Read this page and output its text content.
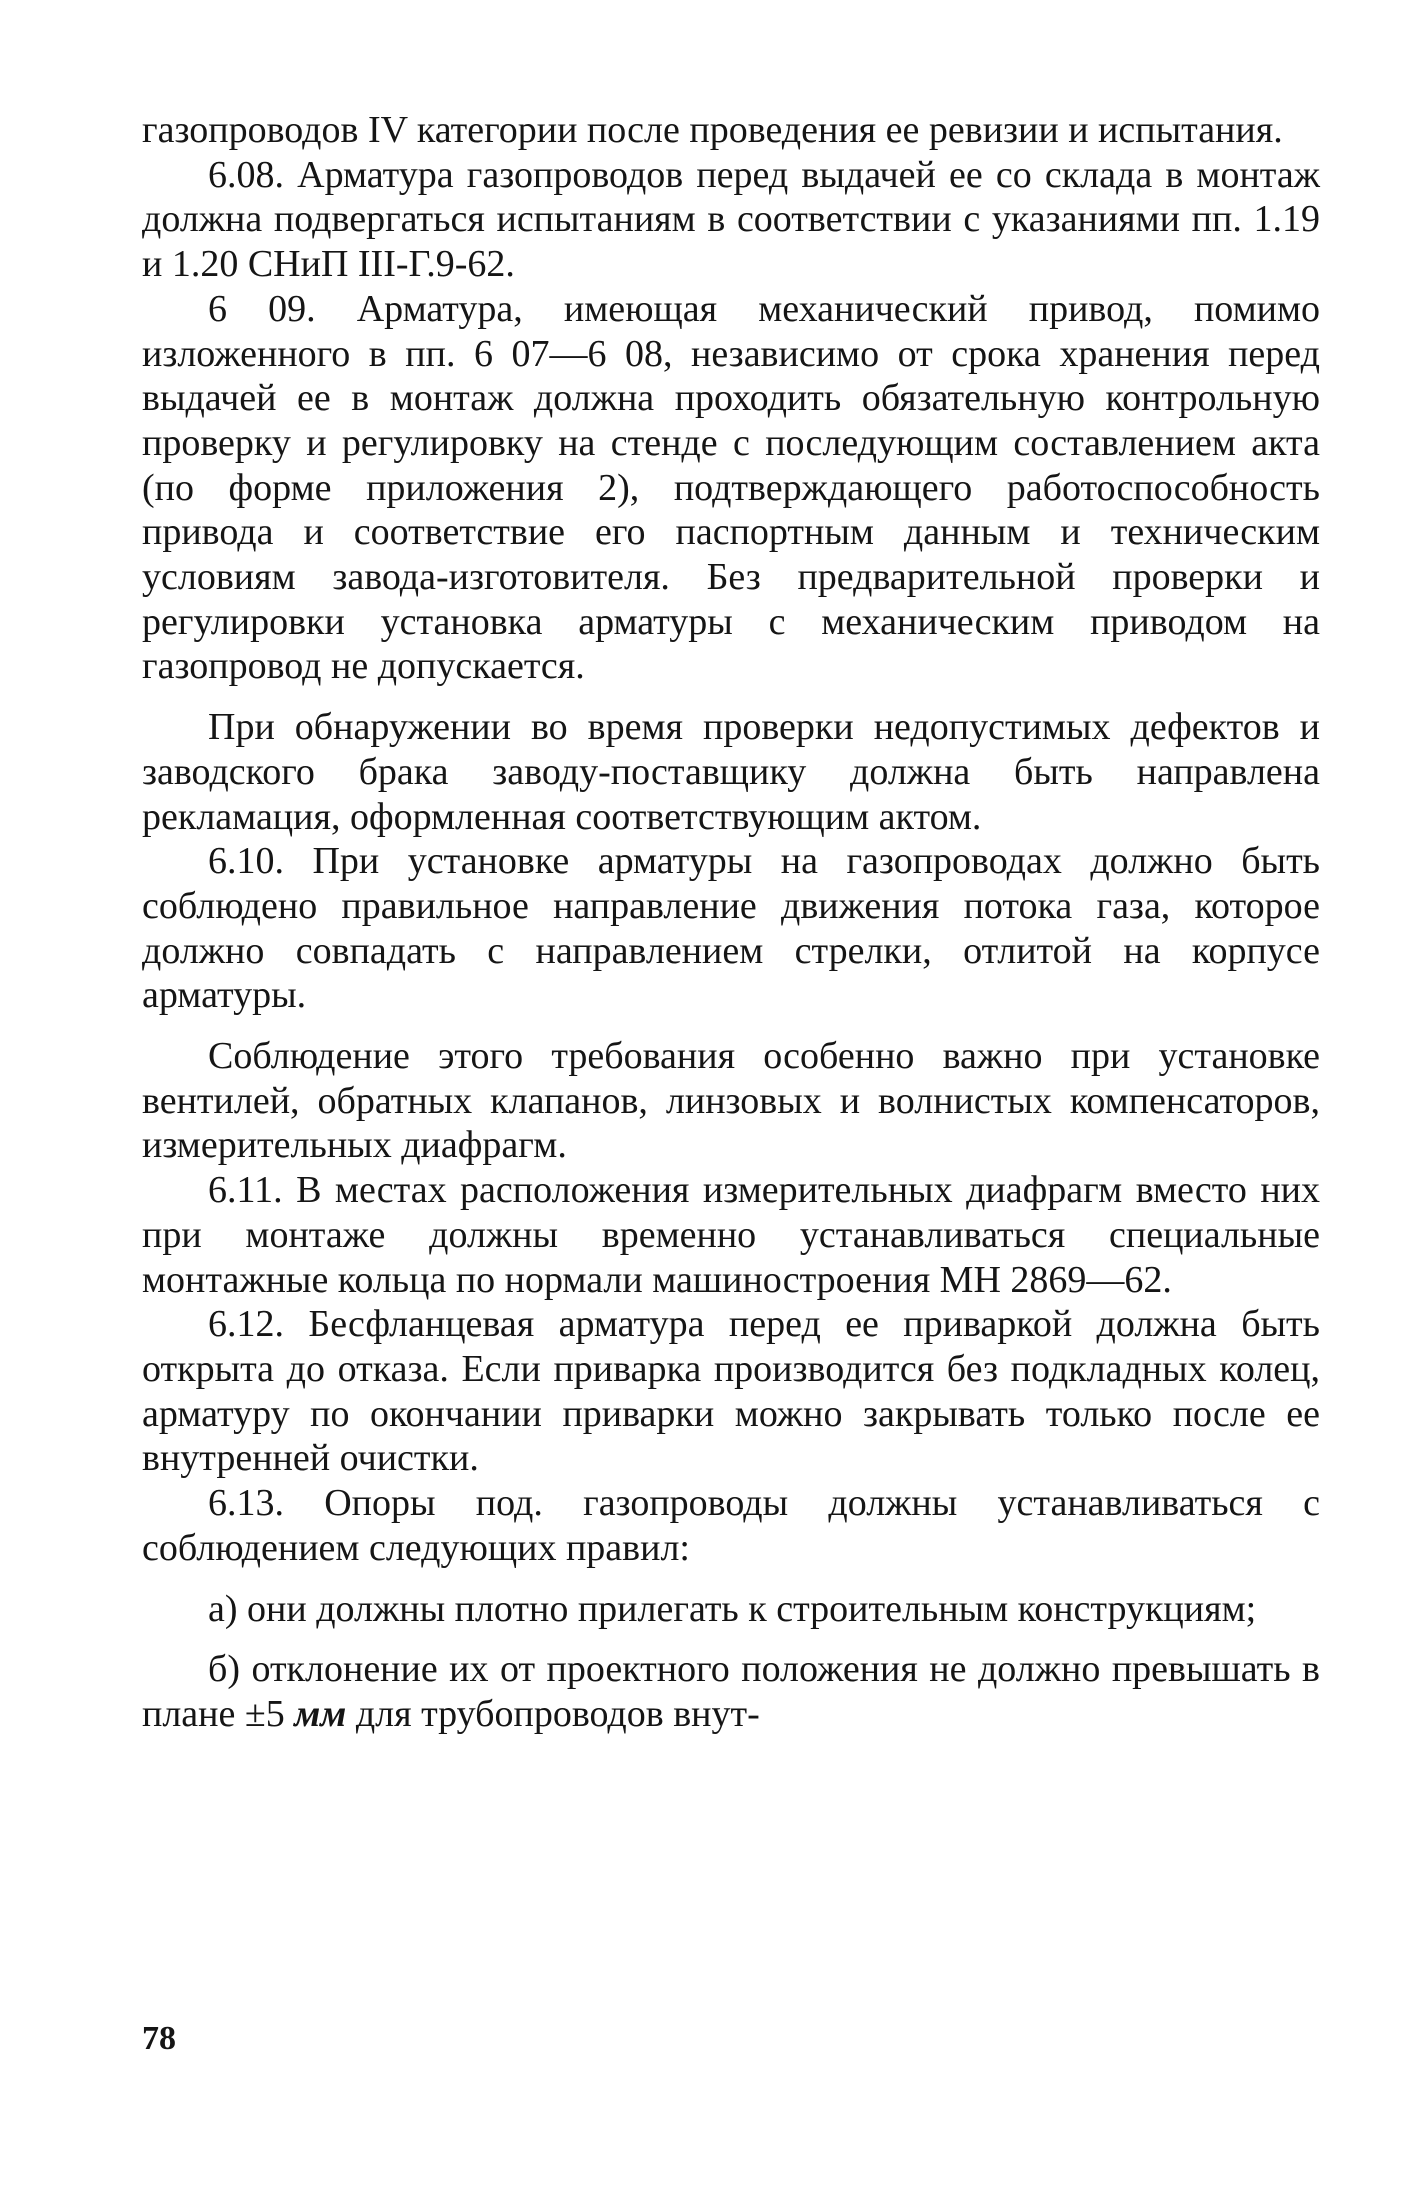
газопроводов IV категории после проведения ее ревизии и испытания.

6.08. Арматура газопроводов перед выдачей ее со склада в монтаж должна подвергаться испытаниям в соответствии с указаниями пп. 1.19 и 1.20 СНиП III-Г.9-62.

6 09. Арматура, имеющая механический привод, помимо изложенного в пп. 6 07—6 08, независимо от срока хранения перед выдачей ее в монтаж должна проходить обязательную контрольную проверку и регулировку на стенде с последующим составлением акта (по форме приложения 2), подтверждающего работоспособность привода и соответствие его паспортным данным и техническим условиям завода-изготовителя. Без предварительной проверки и регулировки установка арматуры с механическим приводом на газопровод не допускается.

При обнаружении во время проверки недопустимых дефектов и заводского брака заводу-поставщику должна быть направлена рекламация, оформленная соответствующим актом.

6.10. При установке арматуры на газопроводах должно быть соблюдено правильное направление движения потока газа, которое должно совпадать с направлением стрелки, отлитой на корпусе арматуры.

Соблюдение этого требования особенно важно при установке вентилей, обратных клапанов, линзовых и волнистых компенсаторов, измерительных диафрагм.

6.11. В местах расположения измерительных диафрагм вместо них при монтаже должны временно устанавливаться специальные монтажные кольца по нормали машиностроения МН 2869—62.

6.12. Бесфланцевая арматура перед ее приваркой должна быть открыта до отказа. Если приварка производится без подкладных колец, арматуру по окончании приварки можно закрывать только после ее внутренней очистки.

6.13. Опоры под. газопроводы должны устанавливаться с соблюдением следующих правил:

а) они должны плотно прилегать к строительным конструкциям;

б) отклонение их от проектного положения не должно превышать в плане ±5 мм для трубопроводов внут-

78
